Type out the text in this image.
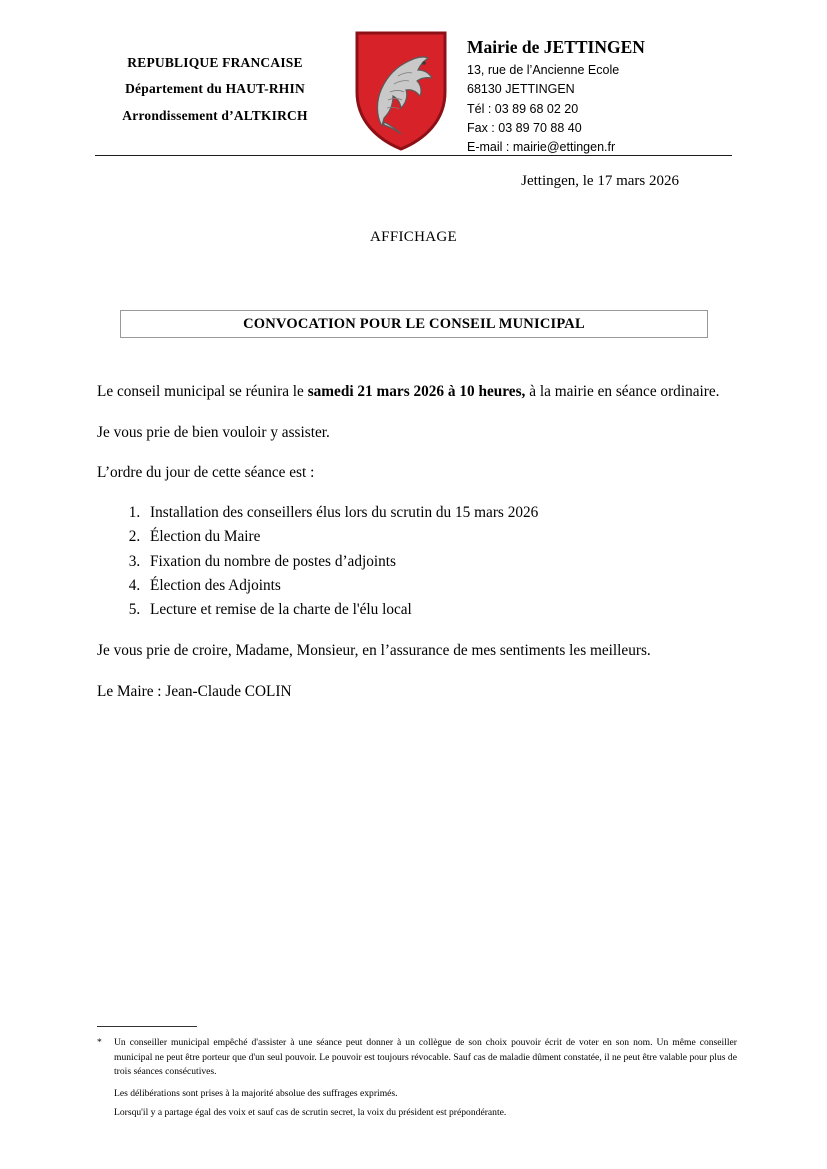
REPUBLIQUE FRANCAISE
Département du HAUT-RHIN
Arrondissement d’ALTKIRCH
Mairie de JETTINGEN
13, rue de l’Ancienne Ecole
68130 JETTINGEN
Tél : 03 89 68 02 20
Fax : 03 89 70 88 40
E-mail : mairie@ettingen.fr
Jettingen, le 17 mars 2026
AFFICHAGE
CONVOCATION POUR LE CONSEIL MUNICIPAL

Le conseil municipal se réunira le samedi 21 mars 2026 à 10 heures, à la mairie en séance ordinaire.

Je vous prie de bien vouloir y assister.

L’ordre du jour de cette séance est :

1. Installation des conseillers élus lors du scrutin du 15 mars 2026
2. Élection du Maire
3. Fixation du nombre de postes d’adjoints
4. Élection des Adjoints
5. Lecture et remise de la charte de l'élu local

Je vous prie de croire, Madame, Monsieur, en l’assurance de mes sentiments les meilleurs.

Le Maire : Jean-Claude COLIN

*	Un conseiller municipal empêché d'assister à une séance peut donner à un collègue de son choix pouvoir écrit de voter en son nom. Un même conseiller municipal ne peut être porteur que d'un seul pouvoir. Le pouvoir est toujours révocable. Sauf cas de maladie dûment constatée, il ne peut être valable pour plus de trois séances consécutives.
Les délibérations sont prises à la majorité absolue des suffrages exprimés.
Lorsqu'il y a partage égal des voix et sauf cas de scrutin secret, la voix du président est prépondérante.
